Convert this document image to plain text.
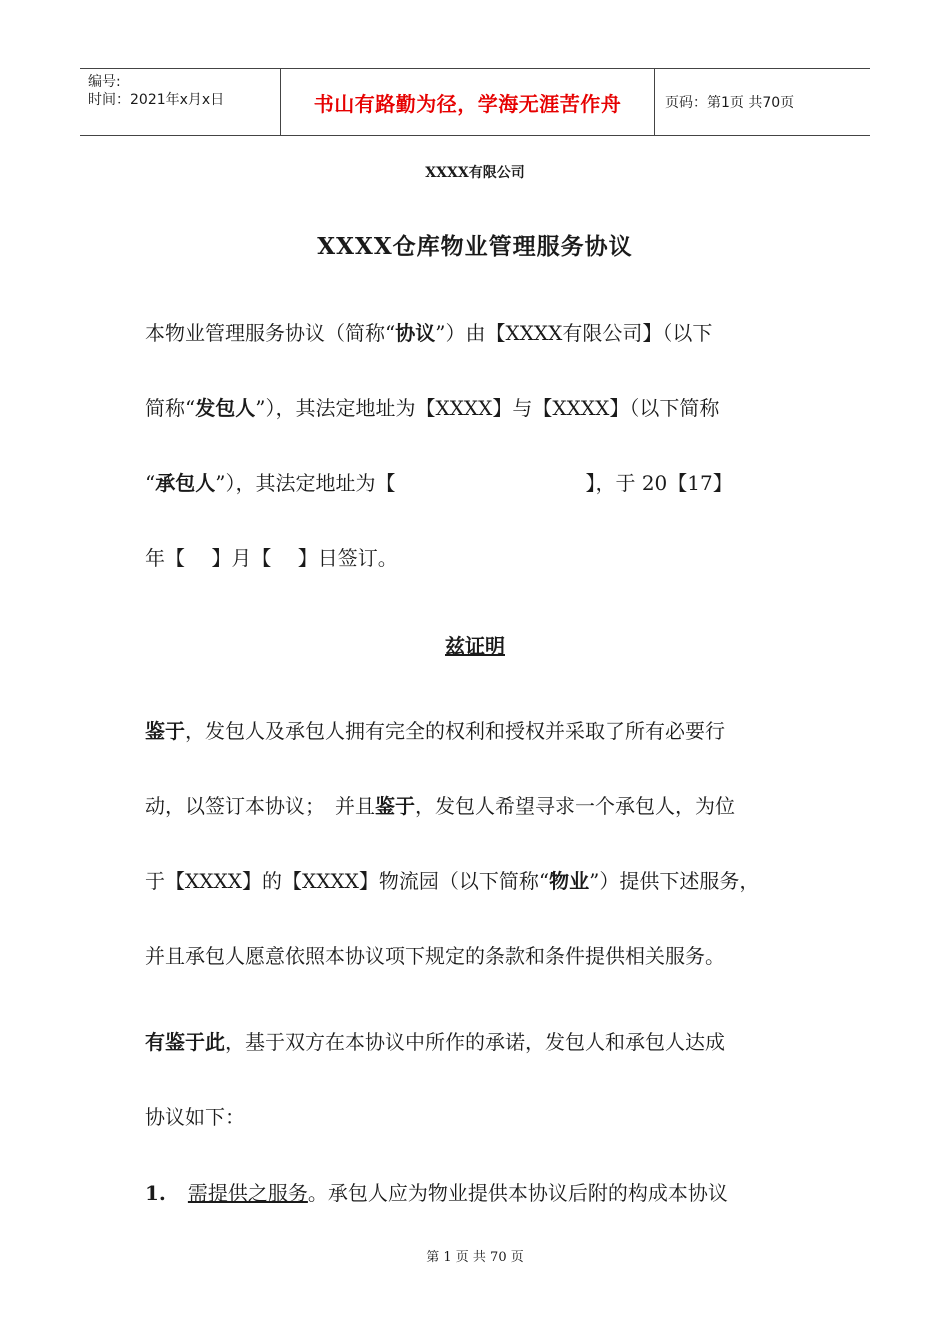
编号:
时间：2021年x月x日	书山有路勤为径，学海无涯苦作舟	页码：第1页 共70页
XXXX有限公司
XXXX仓库物业管理服务协议

本物业管理服务协议（简称“协议”）由【XXXX有限公司】（以下
简称“发包人”），其法定地址为【XXXX】与【XXXX】（以下简称
“承包人”），其法定地址为【	】，于 20【17】
年【　 】月【　 】日签订。

兹证明

鉴于，发包人及承包人拥有完全的权利和授权并采取了所有必要行
动，以签订本协议；　并且鉴于，发包人希望寻求一个承包人，为位
于【XXXX】的【XXXX】物流园（以下简称“物业”）提供下述服务，
并且承包人愿意依照本协议项下规定的条款和条件提供相关服务。

有鉴于此，基于双方在本协议中所作的承诺，发包人和承包人达成
协议如下：

1. 需提供之服务。承包人应为物业提供本协议后附的构成本协议

第 1 页 共 70 页
